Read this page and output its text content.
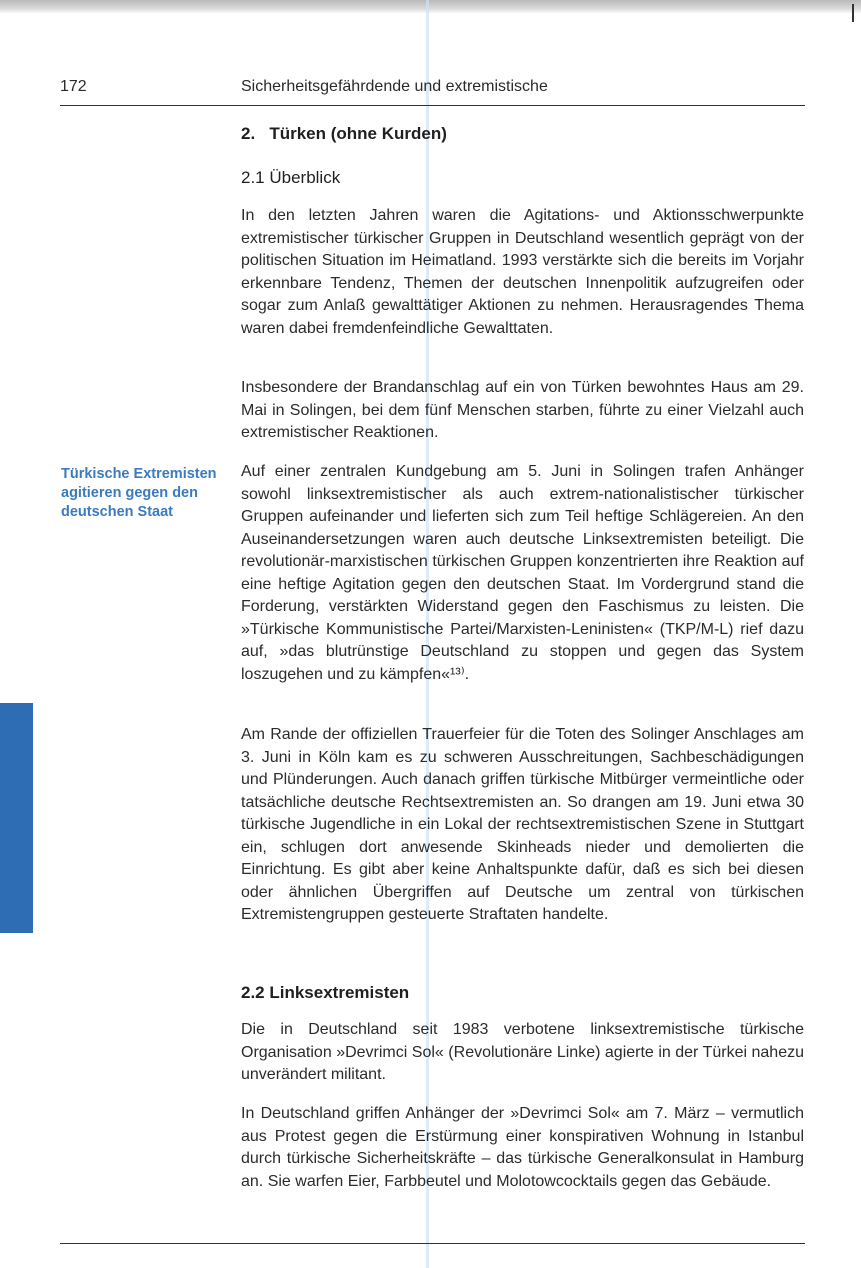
172	Sicherheitsgefährdende und extremistische
2.   Türken (ohne Kurden)
2.1 Überblick

In den letzten Jahren waren die Agitations- und Aktionsschwerpunkte extremistischer türkischer Gruppen in Deutschland wesentlich geprägt von der politischen Situation im Heimatland. 1993 verstärkte sich die bereits im Vorjahr erkennbare Tendenz, Themen der deutschen Innenpolitik aufzugreifen oder sogar zum Anlaß gewalttätiger Aktionen zu nehmen. Herausragendes Thema waren dabei fremdenfeindliche Gewalttaten.

Insbesondere der Brandanschlag auf ein von Türken bewohntes Haus am 29. Mai in Solingen, bei dem fünf Menschen starben, führte zu einer Vielzahl auch extremistischer Reaktionen.

Türkische Extremisten agitieren gegen den deutschen Staat

Auf einer zentralen Kundgebung am 5. Juni in Solingen trafen Anhänger sowohl linksextremistischer als auch extrem-nationalistischer türkischer Gruppen aufeinander und lieferten sich zum Teil heftige Schlägereien. An den Auseinandersetzungen waren auch deutsche Linksextremisten beteiligt. Die revolutionär-marxistischen türkischen Gruppen konzentrierten ihre Reaktion auf eine heftige Agitation gegen den deutschen Staat. Im Vordergrund stand die Forderung, verstärkten Widerstand gegen den Faschismus zu leisten. Die »Türkische Kommunistische Partei/Marxisten-Leninisten« (TKP/M-L) rief dazu auf, »das blutrünstige Deutschland zu stoppen und gegen das System loszugehen und zu kämpfen«¹³⁾.

Am Rande der offiziellen Trauerfeier für die Toten des Solinger Anschlages am 3. Juni in Köln kam es zu schweren Ausschreitungen, Sachbeschädigungen und Plünderungen. Auch danach griffen türkische Mitbürger vermeintliche oder tatsächliche deutsche Rechtsextremisten an. So drangen am 19. Juni etwa 30 türkische Jugendliche in ein Lokal der rechtsextremistischen Szene in Stuttgart ein, schlugen dort anwesende Skinheads nieder und demolierten die Einrichtung. Es gibt aber keine Anhaltspunkte dafür, daß es sich bei diesen oder ähnlichen Übergriffen auf Deutsche um zentral von türkischen Extremistengruppen gesteuerte Straftaten handelte.

2.2 Linksextremisten

Die in Deutschland seit 1983 verbotene linksextremistische türkische Organisation »Devrimci Sol« (Revolutionäre Linke) agierte in der Türkei nahezu unverändert militant.

In Deutschland griffen Anhänger der »Devrimci Sol« am 7. März – vermutlich aus Protest gegen die Erstürmung einer konspirativen Wohnung in Istanbul durch türkische Sicherheitskräfte – das türkische Generalkonsulat in Hamburg an. Sie warfen Eier, Farbbeutel und Molotowcocktails gegen das Gebäude.
